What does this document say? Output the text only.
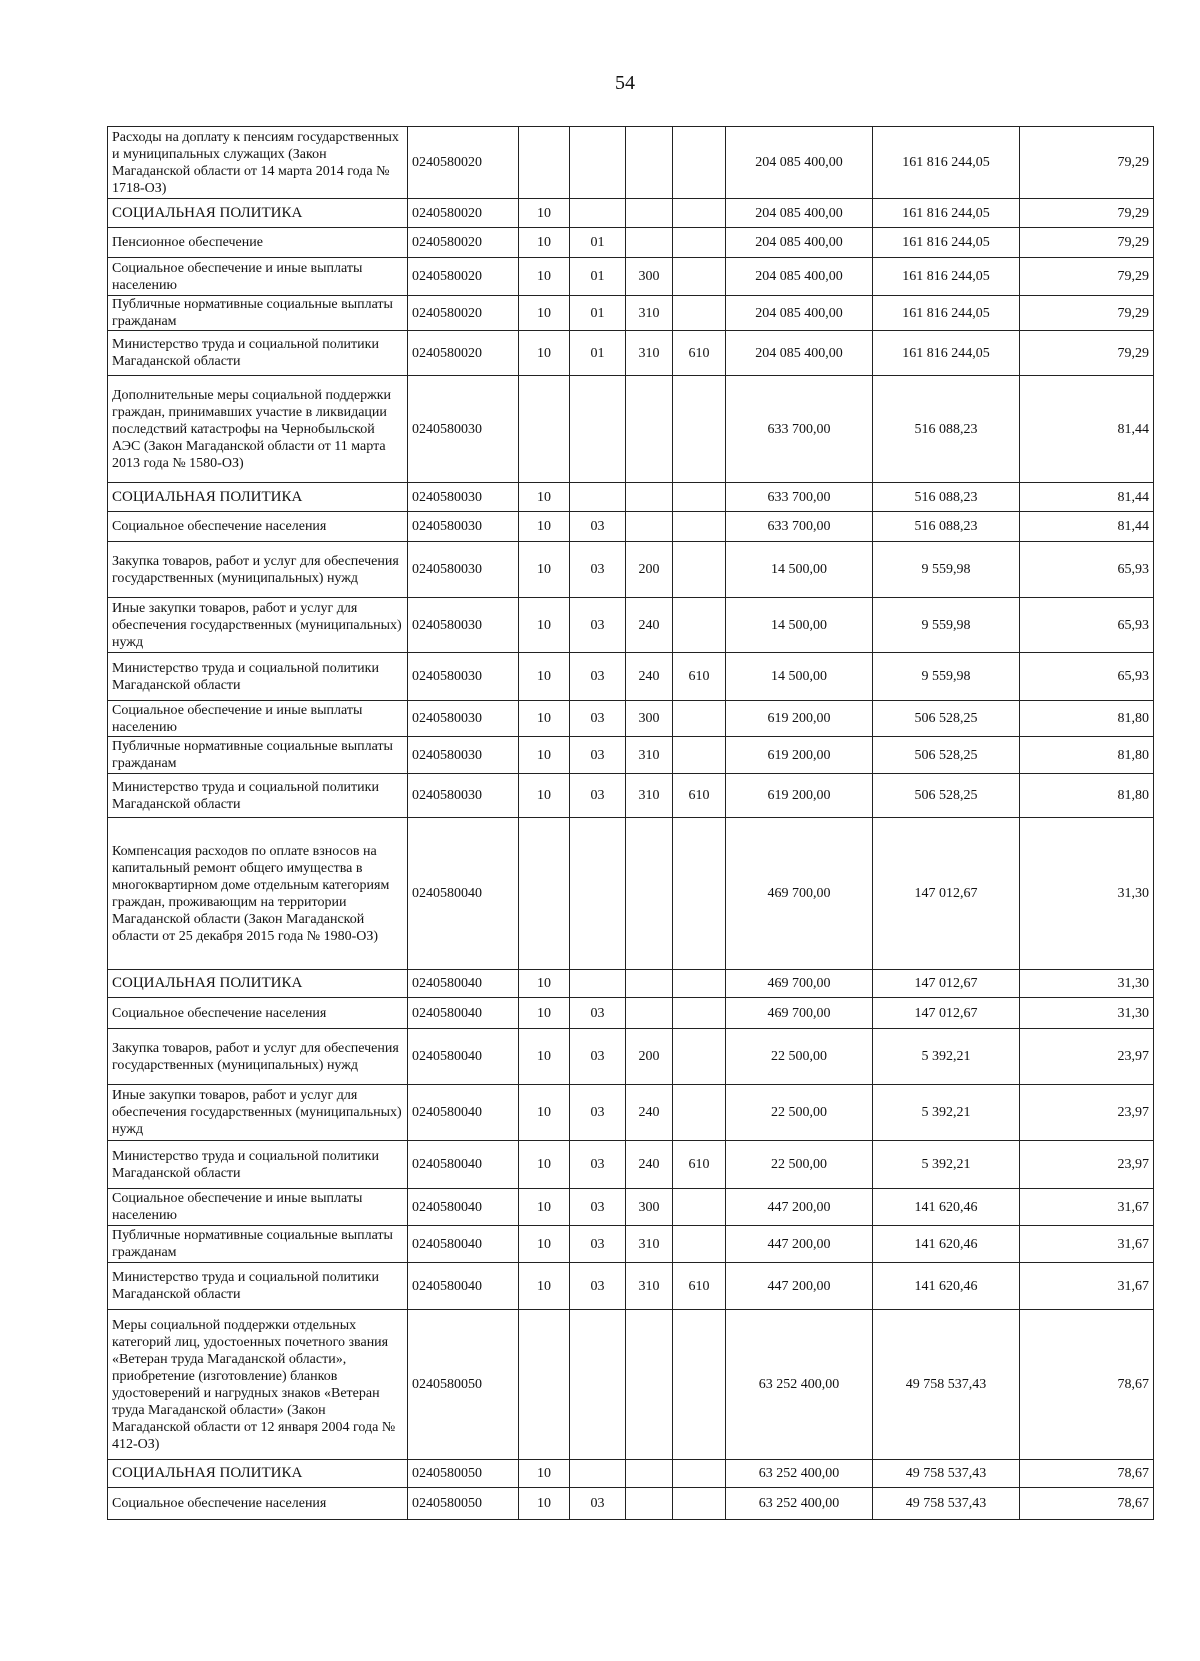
54
Расходы на доплату к пенсиям государственных и муниципальных служащих (Закон Магаданской области от 14 марта 2014 года № 1718-ОЗ)	0240580020					204 085 400,00	161 816 244,05	79,29
СОЦИАЛЬНАЯ ПОЛИТИКА	0240580020	10				204 085 400,00	161 816 244,05	79,29
Пенсионное обеспечение	0240580020	10	01			204 085 400,00	161 816 244,05	79,29
Социальное обеспечение и иные выплаты населению	0240580020	10	01	300		204 085 400,00	161 816 244,05	79,29
Публичные нормативные социальные выплаты гражданам	0240580020	10	01	310		204 085 400,00	161 816 244,05	79,29
Министерство труда и социальной политики Магаданской области	0240580020	10	01	310	610	204 085 400,00	161 816 244,05	79,29
Дополнительные меры социальной поддержки граждан, принимавших участие в ликвидации последствий катастрофы на Чернобыльской АЭС (Закон Магаданской области от 11 марта 2013 года № 1580-ОЗ)	0240580030					633 700,00	516 088,23	81,44
СОЦИАЛЬНАЯ ПОЛИТИКА	0240580030	10				633 700,00	516 088,23	81,44
Социальное обеспечение населения	0240580030	10	03			633 700,00	516 088,23	81,44
Закупка товаров, работ и услуг для обеспечения государственных (муниципальных) нужд	0240580030	10	03	200		14 500,00	9 559,98	65,93
Иные закупки товаров, работ и услуг для обеспечения государственных (муниципальных) нужд	0240580030	10	03	240		14 500,00	9 559,98	65,93
Министерство труда и социальной политики Магаданской области	0240580030	10	03	240	610	14 500,00	9 559,98	65,93
Социальное обеспечение и иные выплаты населению	0240580030	10	03	300		619 200,00	506 528,25	81,80
Публичные нормативные социальные выплаты гражданам	0240580030	10	03	310		619 200,00	506 528,25	81,80
Министерство труда и социальной политики Магаданской области	0240580030	10	03	310	610	619 200,00	506 528,25	81,80
Компенсация расходов по оплате взносов на капитальный ремонт общего имущества в многоквартирном доме отдельным категориям граждан, проживающим на территории Магаданской области (Закон Магаданской области от 25 декабря 2015 года № 1980-ОЗ)	0240580040					469 700,00	147 012,67	31,30
СОЦИАЛЬНАЯ ПОЛИТИКА	0240580040	10				469 700,00	147 012,67	31,30
Социальное обеспечение населения	0240580040	10	03			469 700,00	147 012,67	31,30
Закупка товаров, работ и услуг для обеспечения государственных (муниципальных) нужд	0240580040	10	03	200		22 500,00	5 392,21	23,97
Иные закупки товаров, работ и услуг для обеспечения государственных (муниципальных) нужд	0240580040	10	03	240		22 500,00	5 392,21	23,97
Министерство труда и социальной политики Магаданской области	0240580040	10	03	240	610	22 500,00	5 392,21	23,97
Социальное обеспечение и иные выплаты населению	0240580040	10	03	300		447 200,00	141 620,46	31,67
Публичные нормативные социальные выплаты гражданам	0240580040	10	03	310		447 200,00	141 620,46	31,67
Министерство труда и социальной политики Магаданской области	0240580040	10	03	310	610	447 200,00	141 620,46	31,67
Меры социальной поддержки отдельных категорий лиц, удостоенных почетного звания «Ветеран труда Магаданской области», приобретение (изготовление) бланков удостоверений и нагрудных знаков «Ветеран труда Магаданской области» (Закон Магаданской области от 12 января 2004 года № 412-ОЗ)	0240580050					63 252 400,00	49 758 537,43	78,67
СОЦИАЛЬНАЯ ПОЛИТИКА	0240580050	10				63 252 400,00	49 758 537,43	78,67
Социальное обеспечение населения	0240580050	10	03			63 252 400,00	49 758 537,43	78,67
